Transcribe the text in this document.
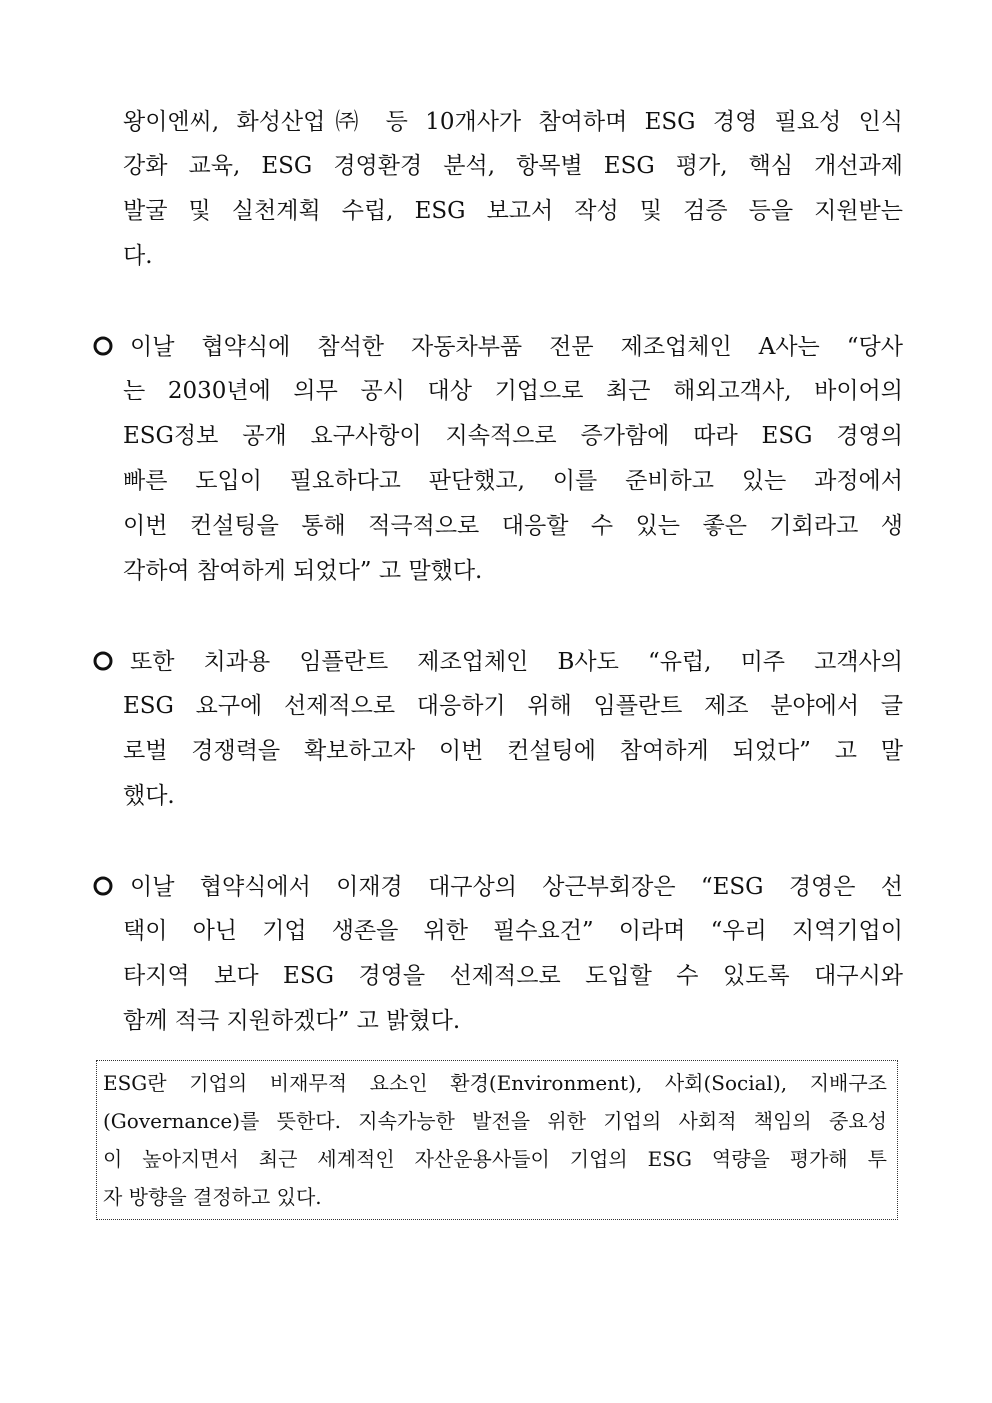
왕이엔씨, 화성산업㈜ 등 10개사가 참여하며 ESG 경영 필요성 인식
강화 교육, ESG 경영환경 분석, 항목별 ESG 평가, 핵심 개선과제
발굴 및 실천계획 수립, ESG 보고서 작성 및 검증 등을 지원받는
다.
이날 협약식에 참석한 자동차부품 전문 제조업체인 A사는 “당사
는 2030년에 의무 공시 대상 기업으로 최근 해외고객사, 바이어의
ESG정보 공개 요구사항이 지속적으로 증가함에 따라 ESG 경영의
빠른 도입이 필요하다고 판단했고, 이를 준비하고 있는 과정에서
이번 컨설팅을 통해 적극적으로 대응할 수 있는 좋은 기회라고 생
각하여 참여하게 되었다” 고 말했다.
또한 치과용 임플란트 제조업체인 B사도 “유럽, 미주 고객사의
ESG 요구에 선제적으로 대응하기 위해 임플란트 제조 분야에서 글
로벌 경쟁력을 확보하고자 이번 컨설팅에 참여하게 되었다” 고 말
했다.
이날 협약식에서 이재경 대구상의 상근부회장은 “ESG 경영은 선
택이 아닌 기업 생존을 위한 필수요건” 이라며 “우리 지역기업이
타지역 보다 ESG 경영을 선제적으로 도입할 수 있도록 대구시와
함께 적극 지원하겠다” 고 밝혔다.
ESG란 기업의 비재무적 요소인 환경(Environment), 사회(Social), 지배구조
(Governance)를 뜻한다. 지속가능한 발전을 위한 기업의 사회적 책임의 중요성
이 높아지면서 최근 세계적인 자산운용사들이 기업의 ESG 역량을 평가해 투
자 방향을 결정하고 있다.
